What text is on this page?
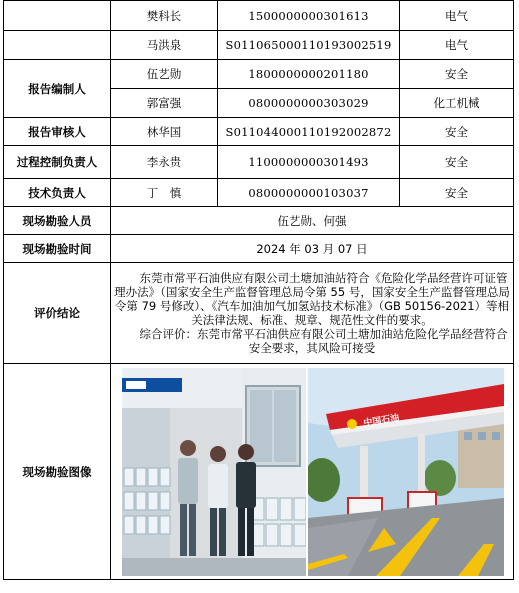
	樊科长	1500000000301613	电气
	马洪泉	S011065000110193002519	电气
报告编制人	伍艺勋	1800000000201180	安全
	郭富强	0800000000303029	化工机械
报告审核人	林华国	S011044000110192002872	安全
过程控制负责人	李永贵	1100000000301493	安全
技术负责人	丁　慎	0800000000103037	安全
现场勘验人员	伍艺勋、何强		
现场勘验时间	2024 年 03 月 07 日		
评价结论	东莞市常平石油供应有限公司土塘加油站符合《危险化学品经营许可证管理办法》（国家安全生产监督管理总局令第 55 号，国家安全生产监督管理总局令第 79 号修改）、《汽车加油加气加氢站技术标准》（GB 50156-2021）等相关法律法规、标准、规章、规范性文件的要求。

综合评价：东莞市常平石油供应有限公司土塘加油站危险化学品经营符合安全要求，其风险可接受		

现场勘验图像	中国石油		
